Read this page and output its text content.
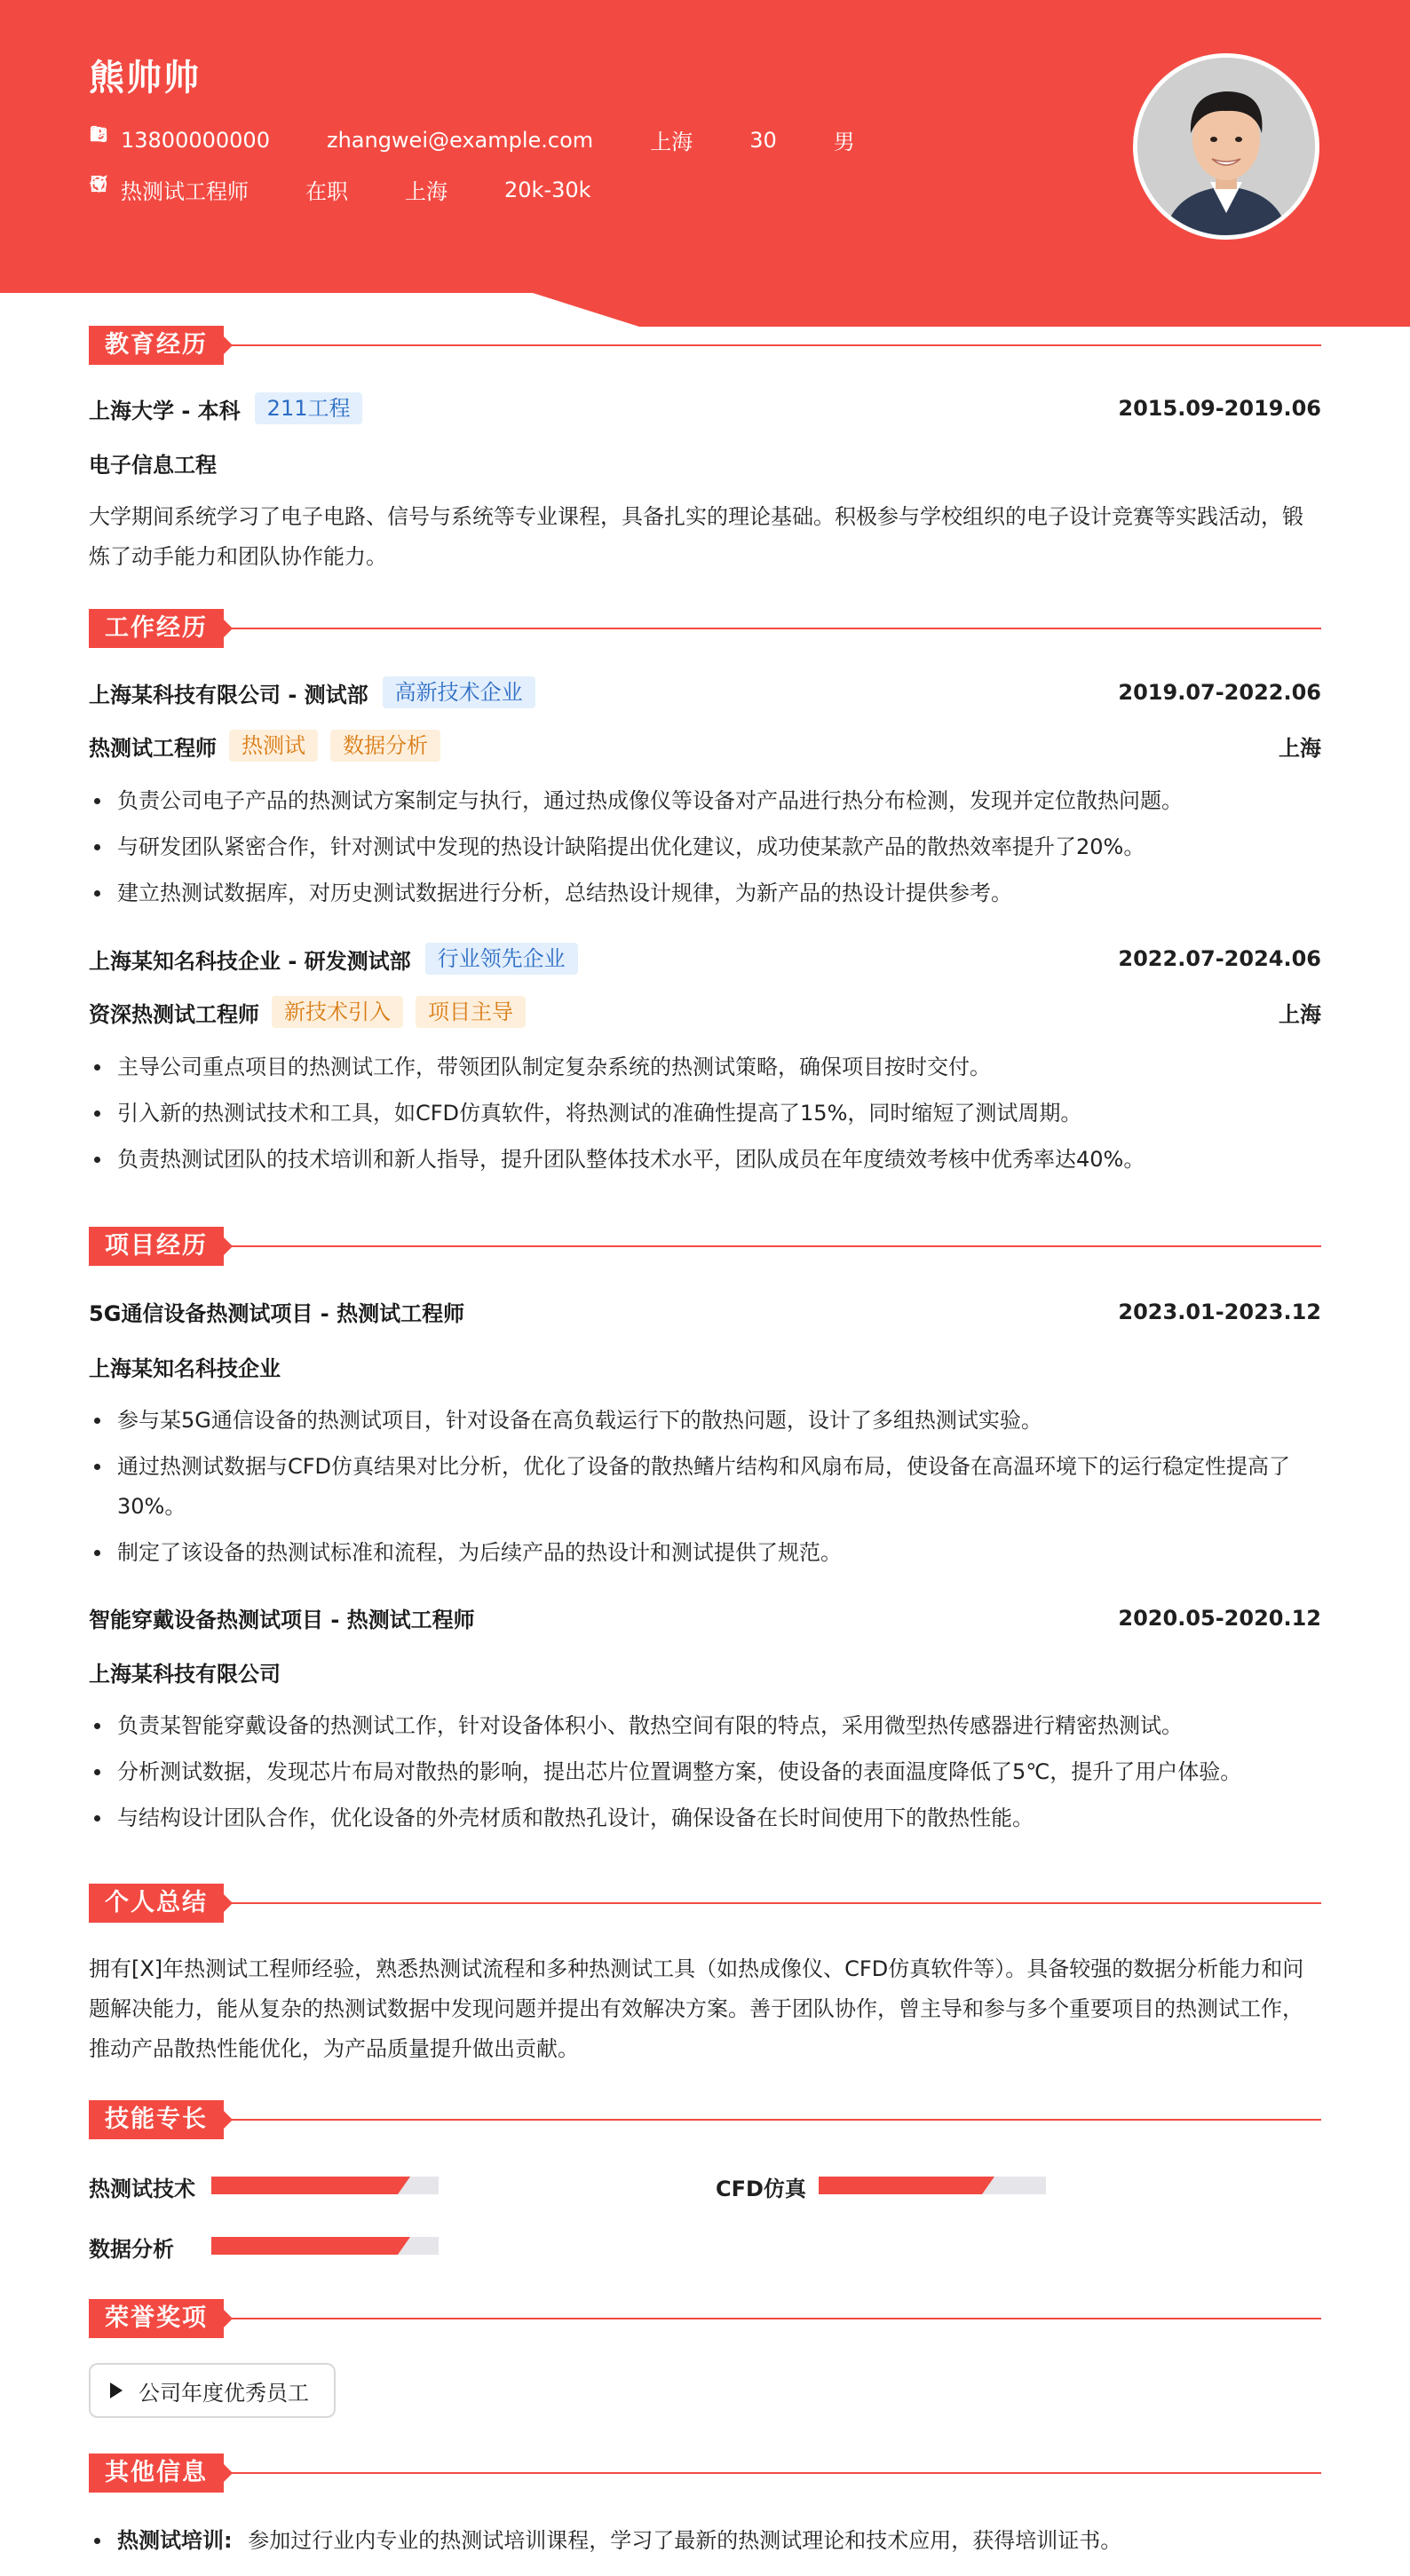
熊帅帅
13800000000	zhangwei@example.com	上海	30	男
热测试工程师	在职	上海	20k-30k
教育经历
上海大学 - 本科	211工程	2015.09-2019.06
电子信息工程
大学期间系统学习了电子电路、信号与系统等专业课程，具备扎实的理论基础。积极参与学校组织的电子设计竞赛等实践活动，锻炼了动手能力和团队协作能力。
工作经历
上海某科技有限公司 - 测试部	高新技术企业	2019.07-2022.06
热测试工程师	热测试	数据分析	上海
负责公司电子产品的热测试方案制定与执行，通过热成像仪等设备对产品进行热分布检测，发现并定位散热问题。
与研发团队紧密合作，针对测试中发现的热设计缺陷提出优化建议，成功使某款产品的散热效率提升了20%。
建立热测试数据库，对历史测试数据进行分析，总结热设计规律，为新产品的热设计提供参考。
上海某知名科技企业 - 研发测试部	行业领先企业	2022.07-2024.06
资深热测试工程师	新技术引入	项目主导	上海
主导公司重点项目的热测试工作，带领团队制定复杂系统的热测试策略，确保项目按时交付。
引入新的热测试技术和工具，如CFD仿真软件，将热测试的准确性提高了15%，同时缩短了测试周期。
负责热测试团队的技术培训和新人指导，提升团队整体技术水平，团队成员在年度绩效考核中优秀率达40%。
项目经历
5G通信设备热测试项目 - 热测试工程师	2023.01-2023.12
上海某知名科技企业
参与某5G通信设备的热测试项目，针对设备在高负载运行下的散热问题，设计了多组热测试实验。
通过热测试数据与CFD仿真结果对比分析，优化了设备的散热鳍片结构和风扇布局，使设备在高温环境下的运行稳定性提高了30%。
制定了该设备的热测试标准和流程，为后续产品的热设计和测试提供了规范。
智能穿戴设备热测试项目 - 热测试工程师	2020.05-2020.12
上海某科技有限公司
负责某智能穿戴设备的热测试工作，针对设备体积小、散热空间有限的特点，采用微型热传感器进行精密热测试。
分析测试数据，发现芯片布局对散热的影响，提出芯片位置调整方案，使设备的表面温度降低了5℃，提升了用户体验。
与结构设计团队合作，优化设备的外壳材质和散热孔设计，确保设备在长时间使用下的散热性能。
个人总结
拥有[X]年热测试工程师经验，熟悉热测试流程和多种热测试工具（如热成像仪、CFD仿真软件等）。具备较强的数据分析能力和问题解决能力，能从复杂的热测试数据中发现问题并提出有效解决方案。善于团队协作，曾主导和参与多个重要项目的热测试工作，推动产品散热性能优化，为产品质量提升做出贡献。
技能专长
热测试技术	CFD仿真
数据分析
荣誉奖项
公司年度优秀员工
其他信息
热测试培训: 参加过行业内专业的热测试培训课程，学习了最新的热测试理论和技术应用，获得培训证书。
